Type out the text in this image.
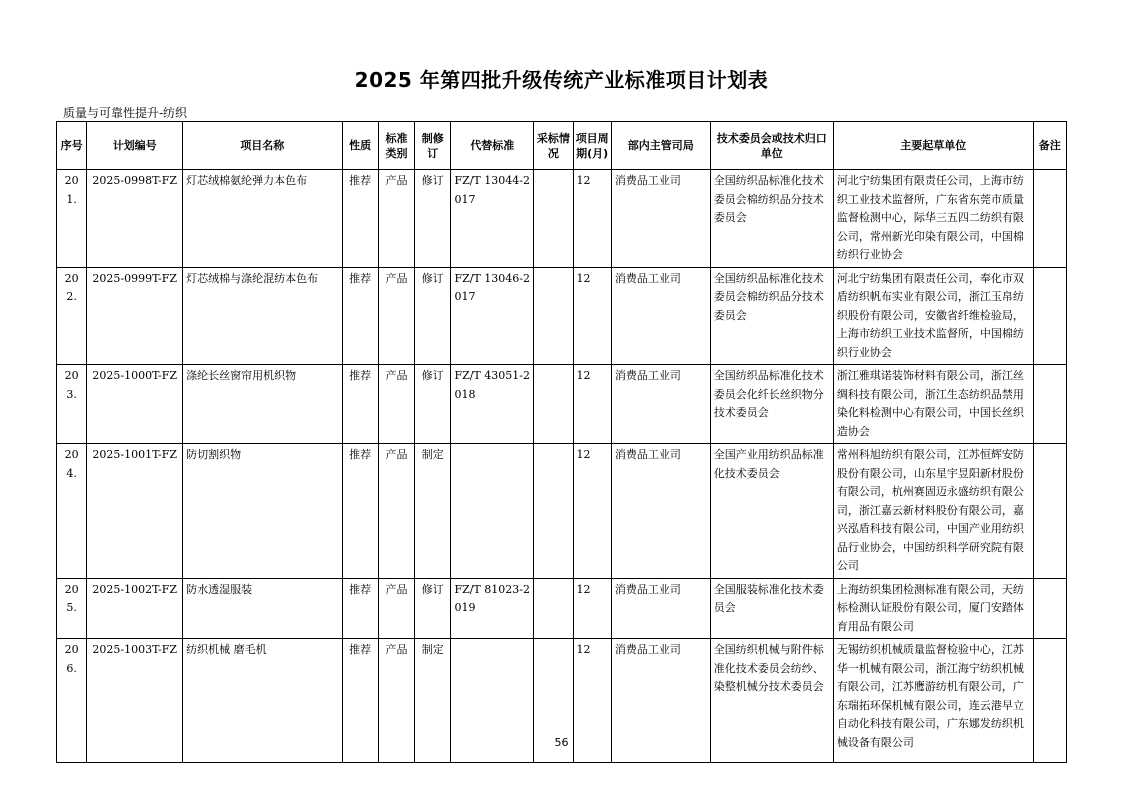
2025 年第四批升级传统产业标准项目计划表
质量与可靠性提升-纺织
序号	计划编号	项目名称	性质	标准类别	制修订	代替标准	采标情况	项目周期(月)	部内主管司局	技术委员会或技术归口单位	主要起草单位	备注
201.	2025-0998T-FZ	灯芯绒棉氨纶弹力本色布	推荐	产品	修订	FZ/T 13044-2017		12	消费品工业司	全国纺织品标准化技术委员会棉纺织品分技术委员会	河北宁纺集团有限责任公司，上海市纺织工业技术监督所，广东省东莞市质量监督检测中心，际华三五四二纺织有限公司，常州新光印染有限公司，中国棉纺织行业协会	
202.	2025-0999T-FZ	灯芯绒棉与涤纶混纺本色布	推荐	产品	修订	FZ/T 13046-2017		12	消费品工业司	全国纺织品标准化技术委员会棉纺织品分技术委员会	河北宁纺集团有限责任公司，奉化市双盾纺织帆布实业有限公司，浙江玉帛纺织股份有限公司，安徽省纤维检验局，上海市纺织工业技术监督所，中国棉纺织行业协会	
203.	2025-1000T-FZ	涤纶长丝窗帘用机织物	推荐	产品	修订	FZ/T 43051-2018		12	消费品工业司	全国纺织品标准化技术委员会化纤长丝织物分技术委员会	浙江雅琪诺装饰材料有限公司，浙江丝绸科技有限公司，浙江生态纺织品禁用染化料检测中心有限公司，中国长丝织造协会	
204.	2025-1001T-FZ	防切割织物	推荐	产品	制定			12	消费品工业司	全国产业用纺织品标准化技术委员会	常州科旭纺织有限公司，江苏恒辉安防股份有限公司，山东星宇昱阳新材股份有限公司，杭州赛固迈永盛纺织有限公司，浙江嘉云新材料股份有限公司，嘉兴泓盾科技有限公司，中国产业用纺织品行业协会，中国纺织科学研究院有限公司	
205.	2025-1002T-FZ	防水透湿服装	推荐	产品	修订	FZ/T 81023-2019		12	消费品工业司	全国服装标准化技术委员会	上海纺织集团检测标准有限公司，天纺标检测认证股份有限公司，厦门安踏体育用品有限公司	
206.	2025-1003T-FZ	纺织机械 磨毛机	推荐	产品	制定			12	消费品工业司	全国纺织机械与附件标准化技术委员会纺纱、染整机械分技术委员会	无锡纺织机械质量监督检验中心，江苏华一机械有限公司，浙江海宁纺织机械有限公司，江苏鹰游纺机有限公司，广东瑞拓环保机械有限公司，连云港早立自动化科技有限公司，广东娜发纺织机械设备有限公司	
56
